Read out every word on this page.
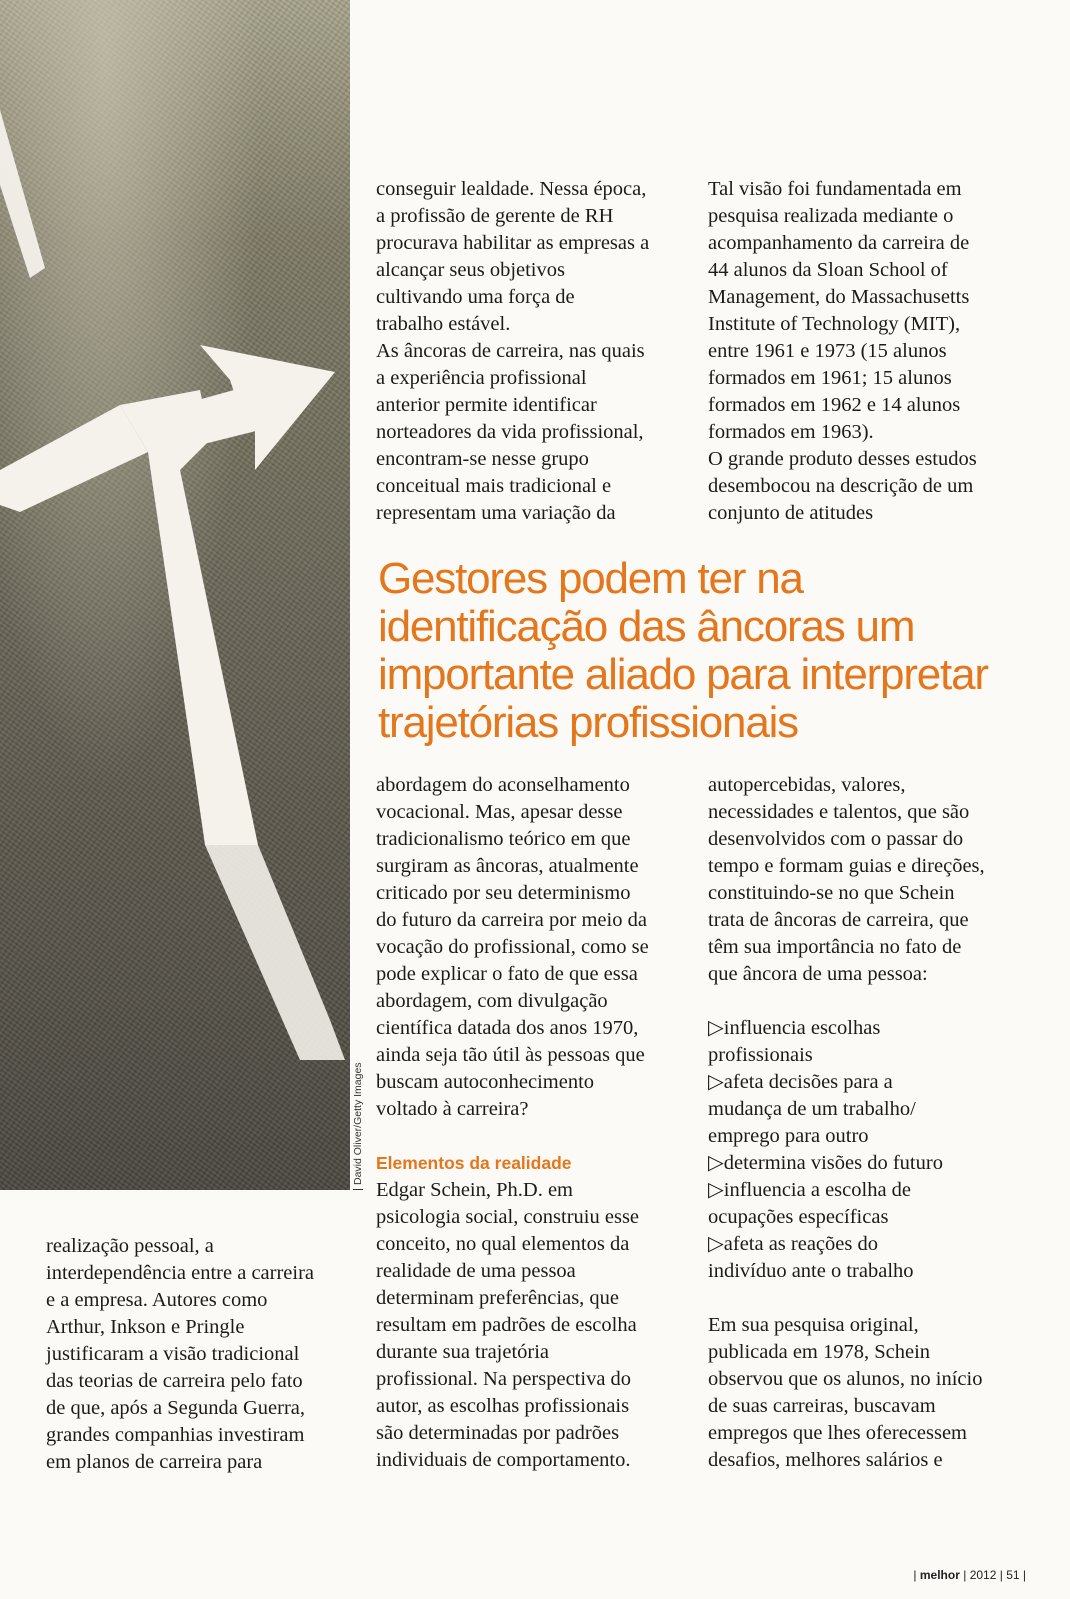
David Oliver/Getty Images

realização pessoal, a

interdependência entre a carreira

e a empresa. Autores como

Arthur, Inkson e Pringle

justificaram a visão tradicional

das teorias de carreira pelo fato

de que, após a Segunda Guerra,

grandes companhias investiram

em planos de carreira para

conseguir lealdade. Nessa época,

a profissão de gerente de RH

procurava habilitar as empresas a

alcançar seus objetivos

cultivando uma força de

trabalho estável.

As âncoras de carreira, nas quais

a experiência profissional

anterior permite identificar

norteadores da vida profissional,

encontram-se nesse grupo

conceitual mais tradicional e

representam uma variação da

Tal visão foi fundamentada em

pesquisa realizada mediante o

acompanhamento da carreira de

44 alunos da Sloan School of

Management, do Massachusetts

Institute of Technology (MIT),

entre 1961 e 1973 (15 alunos

formados em 1961; 15 alunos

formados em 1962 e 14 alunos

formados em 1963).

O grande produto desses estudos

desembocou na descrição de um

conjunto de atitudes

Gestores podem ter na
identificação das âncoras um
importante aliado para interpretar
trajetórias profissionais

abordagem do aconselhamento

vocacional. Mas, apesar desse

tradicionalismo teórico em que

surgiram as âncoras, atualmente

criticado por seu determinismo

do futuro da carreira por meio da

vocação do profissional, como se

pode explicar o fato de que essa

abordagem, com divulgação

científica datada dos anos 1970,

ainda seja tão útil às pessoas que

buscam autoconhecimento

voltado à carreira?

Elementos da realidade

Edgar Schein, Ph.D. em

psicologia social, construiu esse

conceito, no qual elementos da

realidade de uma pessoa

determinam preferências, que

resultam em padrões de escolha

durante sua trajetória

profissional. Na perspectiva do

autor, as escolhas profissionais

são determinadas por padrões

individuais de comportamento.

autopercebidas, valores,

necessidades e talentos, que são

desenvolvidos com o passar do

tempo e formam guias e direções,

constituindo-se no que Schein

trata de âncoras de carreira, que

têm sua importância no fato de

que âncora de uma pessoa:

▷influencia escolhas

profissionais

▷afeta decisões para a

mudança de um trabalho/

emprego para outro

▷determina visões do futuro

▷influencia a escolha de

ocupações específicas

▷afeta as reações do

indivíduo ante o trabalho

Em sua pesquisa original,

publicada em 1978, Schein

observou que os alunos, no início

de suas carreiras, buscavam

empregos que lhes oferecessem

desafios, melhores salários e

| melhor | 2012 | 51 |
